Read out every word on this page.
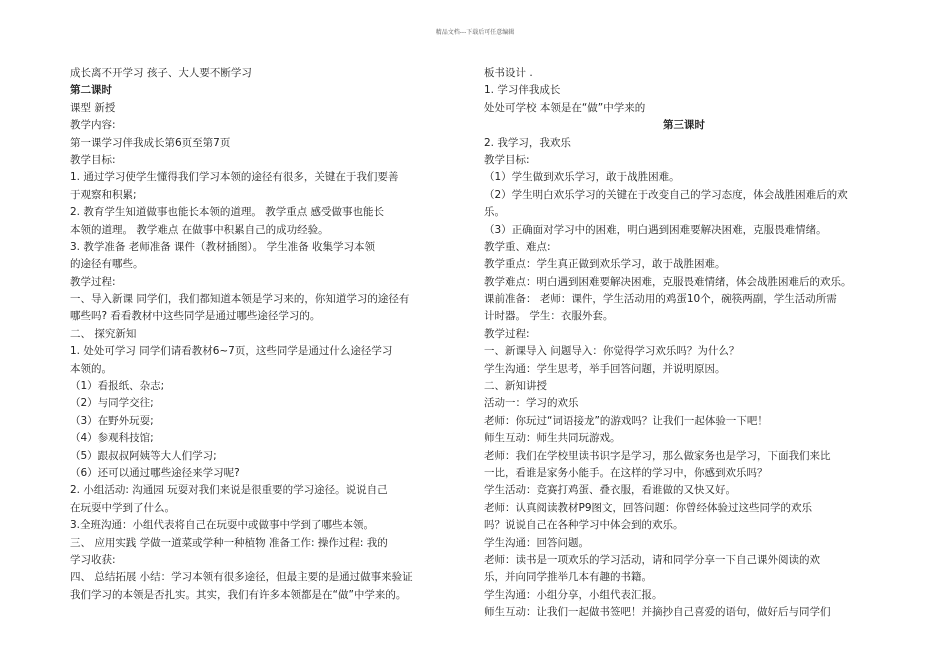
精品文档---下载后可任意编辑
成长离不开学习 孩子、大人要不断学习
第二课时
课型 新授
教学内容:
第一课学习伴我成长第6页至第7页
教学目标:
1. 通过学习使学生懂得我们学习本领的途径有很多，关键在于我们要善
于观察和积累;
2. 教育学生知道做事也能长本领的道理。 教学重点 感受做事也能长
本领的道理。 教学难点 在做事中积累自己的成功经验。
3. 教学准备 老师准备 课件（教材插图）。 学生准备 收集学习本领
的途径有哪些。
教学过程:
一、导入新课 同学们，我们都知道本领是学习来的，你知道学习的途径有
哪些吗? 看看教材中这些同学是通过哪些途径学习的。
二、 探究新知
1. 处处可学习 同学们请看教材6~7页，这些同学是通过什么途径学习
本领的。
（1）看报纸、杂志;
（2）与同学交往;
（3）在野外玩耍;
（4）参观科技馆;
（5）跟叔叔阿姨等大人们学习;
（6）还可以通过哪些途径来学习呢?
2. 小组活动: 沟通园 玩耍对我们来说是很重要的学习途径。说说自己
在玩耍中学到了什么。
3.全班沟通：小组代表将自己在玩耍中或做事中学到了哪些本领。
三、 应用实践 学做一道菜或学种一种植物 准备工作: 操作过程: 我的
学习收获:
四、 总结拓展 小结：学习本领有很多途径，但最主要的是通过做事来验证
我们学习的本领是否扎实。其实，我们有许多本领都是在“做”中学来的。
板书设计 .
1. 学习伴我成长
处处可学校 本领是在“做”中学来的
第三课时
2. 我学习，我欢乐
教学目标:
（1）学生做到欢乐学习，敢于战胜困难。
（2）学生明白欢乐学习的关键在于改变自己的学习态度，体会战胜困难后的欢
乐。
（3）正确面对学习中的困难，明白遇到困难要解决困难，克服畏难情绪。
教学重、难点:
教学重点：学生真正做到欢乐学习，敢于战胜困难。
教学难点：明白遇到困难要解决困难，克服畏难情绪，体会战胜困难后的欢乐。
课前准备： 老师：课件，学生活动用的鸡蛋10个，碗筷两副，学生活动所需
计时器。 学生：衣服外套。
教学过程:
一、新课导入 问题导入：你觉得学习欢乐吗？为什么？
学生沟通：学生思考，举手回答问题，并说明原因。
二、新知讲授
活动一：学习的欢乐
老师：你玩过“词语接龙”的游戏吗？让我们一起体验一下吧！
师生互动：师生共同玩游戏。
老师：我们在学校里读书识字是学习，那么做家务也是学习，下面我们来比
一比，看谁是家务小能手。在这样的学习中，你感到欢乐吗？
学生活动：竞赛打鸡蛋、叠衣服，看谁做的又快又好。
老师：认真阅读教材P9图文，回答问题：你曾经体验过这些同学的欢乐
吗？说说自己在各种学习中体会到的欢乐。
学生沟通：回答问题。
老师：读书是一项欢乐的学习活动，请和同学分享一下自己课外阅读的欢
乐，并向同学推举几本有趣的书籍。
学生沟通：小组分享，小组代表汇报。
师生互动：让我们一起做书签吧！并摘抄自己喜爱的语句，做好后与同学们
